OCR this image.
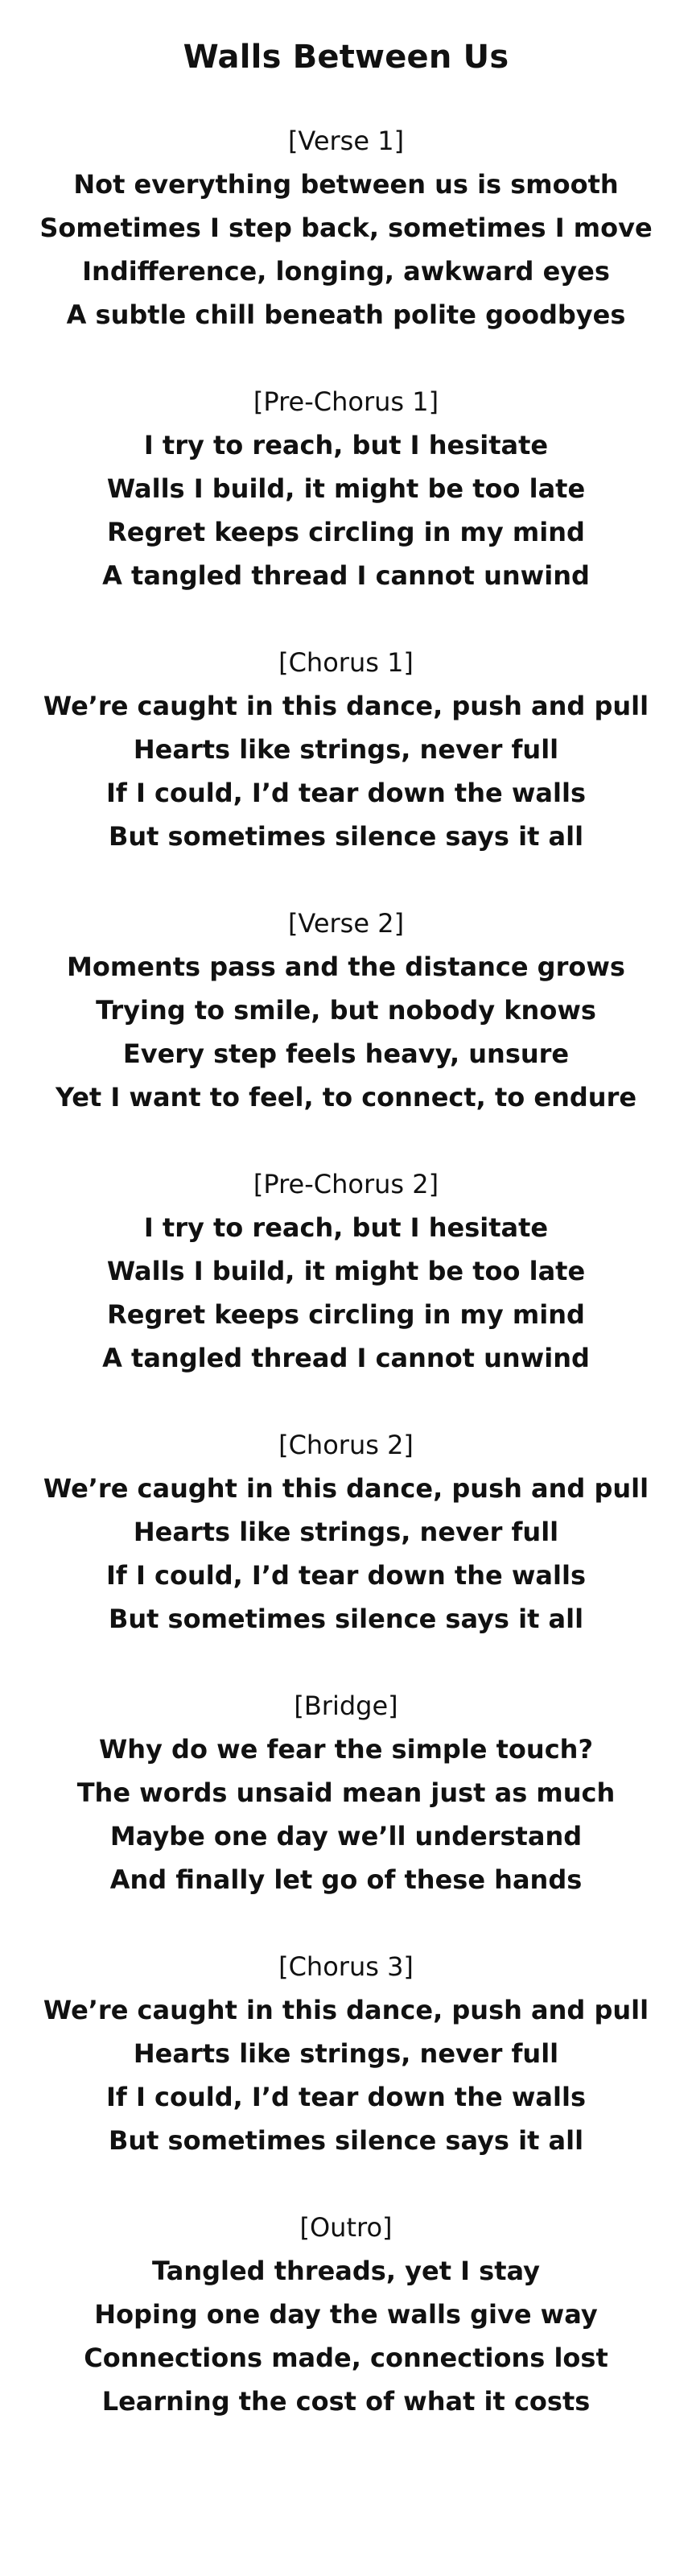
Walls Between Us
[Verse 1]
Not everything between us is smooth
Sometimes I step back, sometimes I move
Indifference, longing, awkward eyes
A subtle chill beneath polite goodbyes
[Pre-Chorus 1]
I try to reach, but I hesitate
Walls I build, it might be too late
Regret keeps circling in my mind
A tangled thread I cannot unwind
[Chorus 1]
We’re caught in this dance, push and pull
Hearts like strings, never full
If I could, I’d tear down the walls
But sometimes silence says it all
[Verse 2]
Moments pass and the distance grows
Trying to smile, but nobody knows
Every step feels heavy, unsure
Yet I want to feel, to connect, to endure
[Pre-Chorus 2]
I try to reach, but I hesitate
Walls I build, it might be too late
Regret keeps circling in my mind
A tangled thread I cannot unwind
[Chorus 2]
We’re caught in this dance, push and pull
Hearts like strings, never full
If I could, I’d tear down the walls
But sometimes silence says it all
[Bridge]
Why do we fear the simple touch?
The words unsaid mean just as much
Maybe one day we’ll understand
And finally let go of these hands
[Chorus 3]
We’re caught in this dance, push and pull
Hearts like strings, never full
If I could, I’d tear down the walls
But sometimes silence says it all
[Outro]
Tangled threads, yet I stay
Hoping one day the walls give way
Connections made, connections lost
Learning the cost of what it costs
